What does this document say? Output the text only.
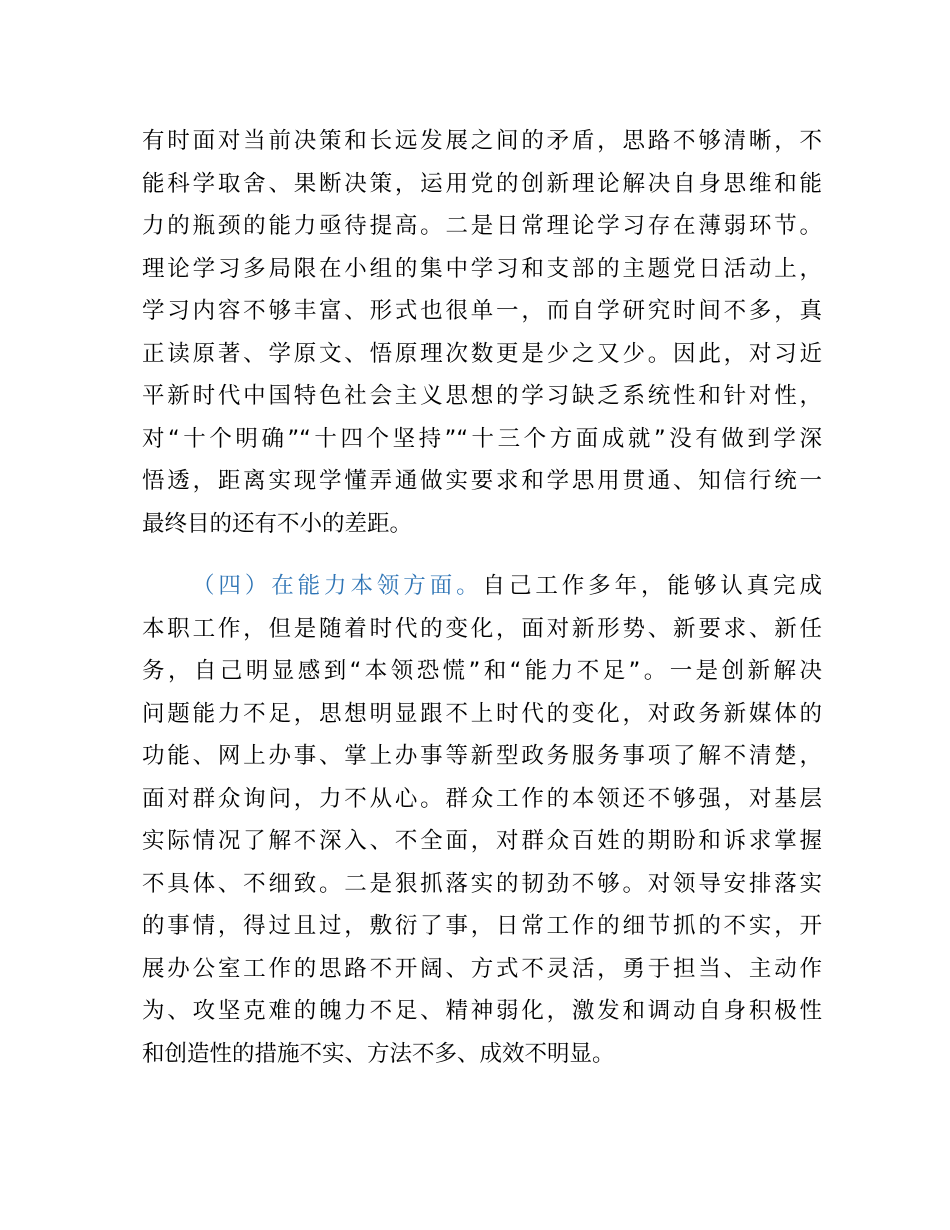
有时面对当前决策和长远发展之间的矛盾，思路不够清晰，不
能科学取舍、果断决策，运用党的创新理论解决自身思维和能
力的瓶颈的能力亟待提高。二是日常理论学习存在薄弱环节。
理论学习多局限在小组的集中学习和支部的主题党日活动上，
学习内容不够丰富、形式也很单一，而自学研究时间不多，真
正读原著、学原文、悟原理次数更是少之又少。因此，对习近
平新时代中国特色社会主义思想的学习缺乏系统性和针对性，
对“十个明确”“十四个坚持”“十三个方面成就”没有做到学深
悟透，距离实现学懂弄通做实要求和学思用贯通、知信行统一
最终目的还有不小的差距。
（四）在能力本领方面。自己工作多年，能够认真完成
本职工作，但是随着时代的变化，面对新形势、新要求、新任
务，自己明显感到“本领恐慌”和“能力不足”。一是创新解决
问题能力不足，思想明显跟不上时代的变化，对政务新媒体的
功能、网上办事、掌上办事等新型政务服务事项了解不清楚，
面对群众询问，力不从心。群众工作的本领还不够强，对基层
实际情况了解不深入、不全面，对群众百姓的期盼和诉求掌握
不具体、不细致。二是狠抓落实的韧劲不够。对领导安排落实
的事情，得过且过，敷衍了事，日常工作的细节抓的不实，开
展办公室工作的思路不开阔、方式不灵活，勇于担当、主动作
为、攻坚克难的魄力不足、精神弱化，激发和调动自身积极性
和创造性的措施不实、方法不多、成效不明显。
